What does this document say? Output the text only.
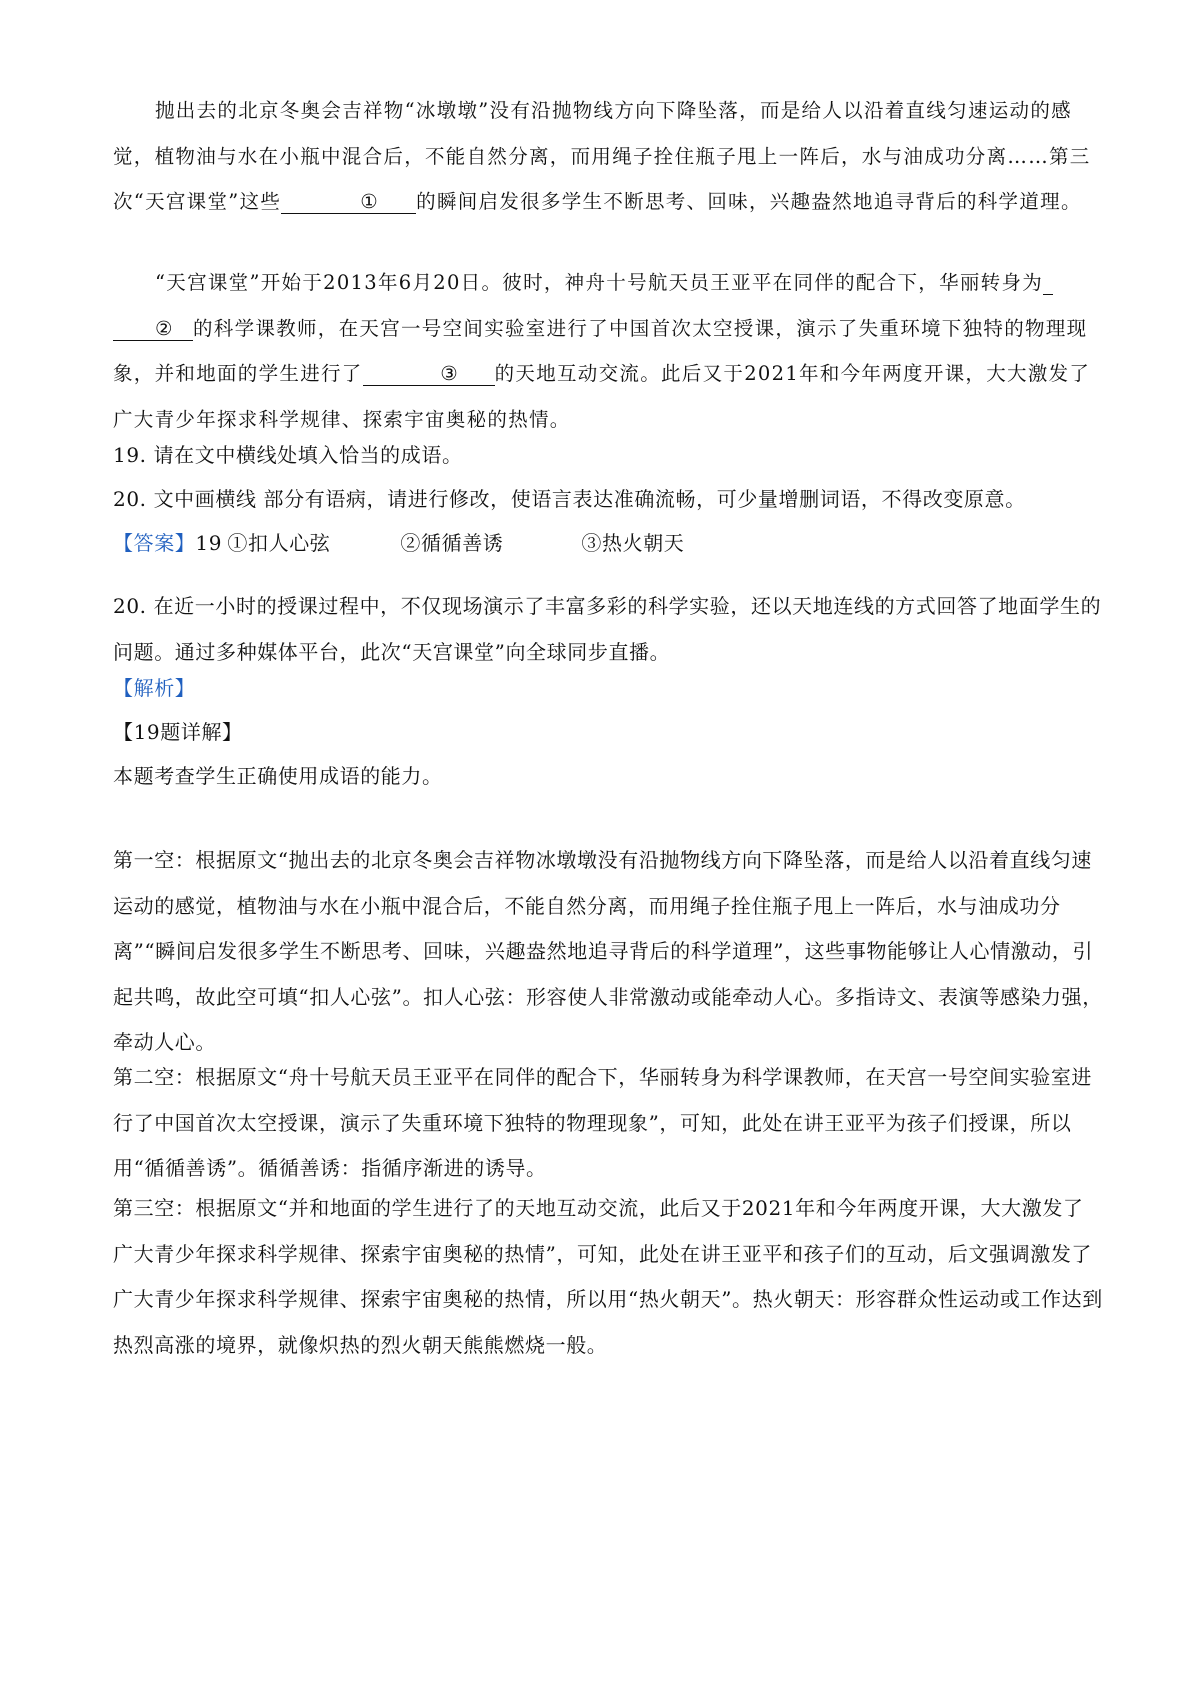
抛出去的北京冬奥会吉祥物“冰墩墩”没有沿抛物线方向下降坠落，而是给人以沿着直线匀速运动的感觉，植物油与水在小瓶中混合后，不能自然分离，而用绳子拴住瓶子甩上一阵后，水与油成功分离……第三次“天宫课堂”这些	① 的瞬间启发很多学生不断思考、回味，兴趣盎然地追寻背后的科学道理。

“天宫课堂”开始于2013年6月20日。彼时，神舟十号航天员王亚平在同伴的配合下，华丽转身为② 的科学课教师，在天宫一号空间实验室进行了中国首次太空授课，演示了失重环境下独特的物理现象，并和地面的学生进行了	③ 的天地互动交流。此后又于2021年和今年两度开课，大大激发了广大青少年探求科学规律、探索宇宙奥秘的热情。

19. 请在文中横线处填入恰当的成语。

20. 文中画横线 部分有语病，请进行修改，使语言表达准确流畅，可少量增删词语，不得改变原意。

【答案】19 ①扣人心弦	②循循善诱	③热火朝天

20. 在近一小时的授课过程中，不仅现场演示了丰富多彩的科学实验，还以天地连线的方式回答了地面学生的问题。通过多种媒体平台，此次“天宫课堂”向全球同步直播。

【解析】

【19题详解】

本题考查学生正确使用成语的能力。

第一空：根据原文“抛出去的北京冬奥会吉祥物冰墩墩没有沿抛物线方向下降坠落，而是给人以沿着直线匀速运动的感觉，植物油与水在小瓶中混合后，不能自然分离，而用绳子拴住瓶子甩上一阵后，水与油成功分离”“瞬间启发很多学生不断思考、回味，兴趣盎然地追寻背后的科学道理”，这些事物能够让人心情激动，引起共鸣，故此空可填“扣人心弦”。扣人心弦：形容使人非常激动或能牵动人心。多指诗文、表演等感染力强，牵动人心。

第二空：根据原文“舟十号航天员王亚平在同伴的配合下，华丽转身为科学课教师，在天宫一号空间实验室进行了中国首次太空授课，演示了失重环境下独特的物理现象”，可知，此处在讲王亚平为孩子们授课，所以用“循循善诱”。循循善诱：指循序渐进的诱导。

第三空：根据原文“并和地面的学生进行了的天地互动交流，此后又于2021年和今年两度开课，大大激发了广大青少年探求科学规律、探索宇宙奥秘的热情”，可知，此处在讲王亚平和孩子们的互动，后文强调激发了广大青少年探求科学规律、探索宇宙奥秘的热情，所以用“热火朝天”。热火朝天：形容群众性运动或工作达到热烈高涨的境界，就像炽热的烈火朝天熊熊燃烧一般。
